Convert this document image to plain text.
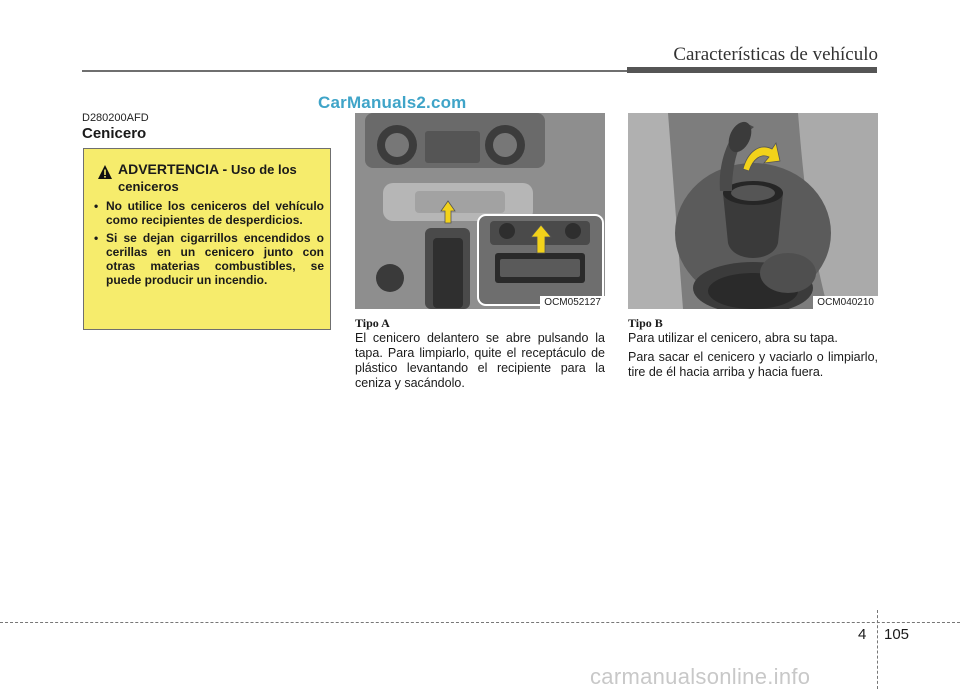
Características de vehículo
CarManuals2.com
D280200AFD
Cenicero
ADVERTENCIA - Uso de los ceniceros
• No utilice los ceniceros del vehículo como recipientes de desperdicios.
• Si se dejan cigarrillos encendidos o cerillas en un cenicero junto con otras materias combustibles, se puede producir un incendio.
OCM052127
Tipo A

El cenicero delantero se abre pulsando la tapa. Para limpiarlo, quite el receptáculo de plástico levantando el recipiente para la ceniza y sacándolo.

OCM040210
Tipo B

Para utilizar el cenicero, abra su tapa.

Para sacar el cenicero y vaciarlo o limpiarlo, tire de él hacia arriba y hacia fuera.

4 105
carmanualsonline.info
